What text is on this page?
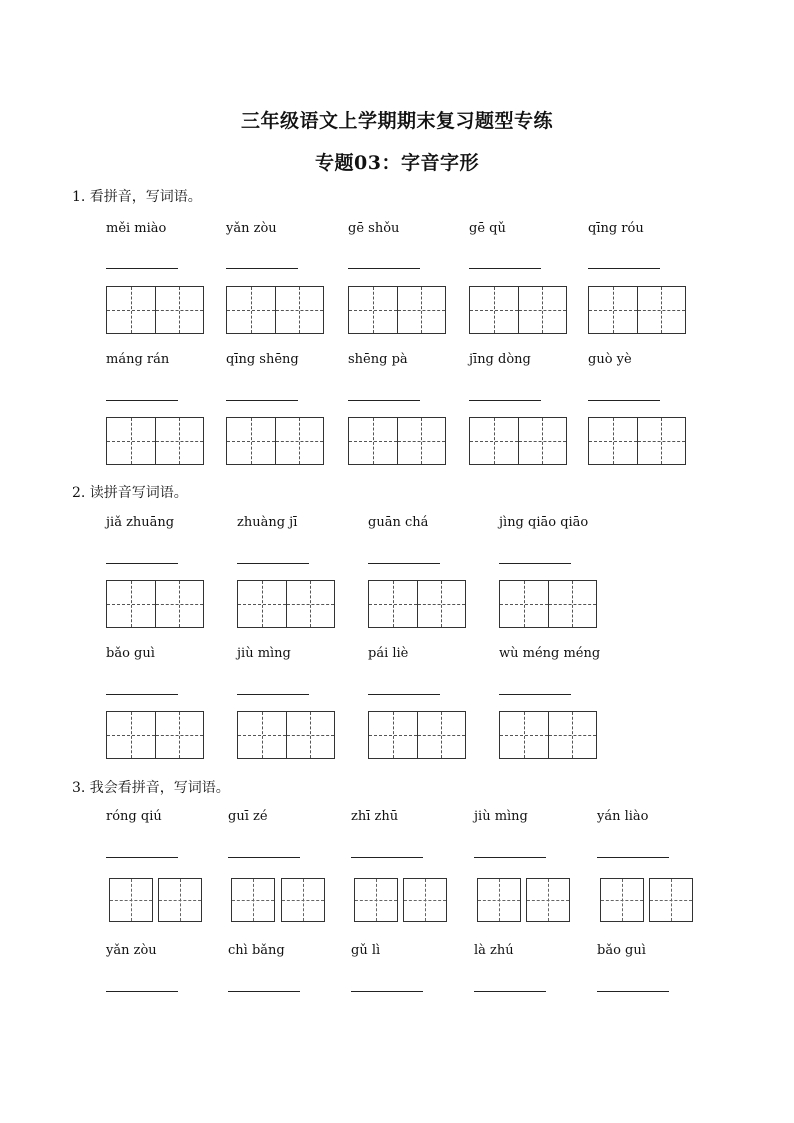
三年级语文上学期期末复习题型专练
专题03：字音字形
1. 看拼音，写词语。
měi miào	yǎn zòu	gē shǒu	gē qǔ	qīng róu
máng rán	qīng shēng	shēng pà	jīng dòng	guò yè
2. 读拼音写词语。
jiǎ zhuāng	zhuàng jī	guān chá	jìng qiāo qiāo
bǎo guì	jiù mìng	pái liè	wù méng méng
3. 我会看拼音，写词语。
róng qiú	guī zé	zhī zhū	jiù mìng	yán liào
yǎn zòu	chì bǎng	gǔ lì	là zhú	bǎo guì
